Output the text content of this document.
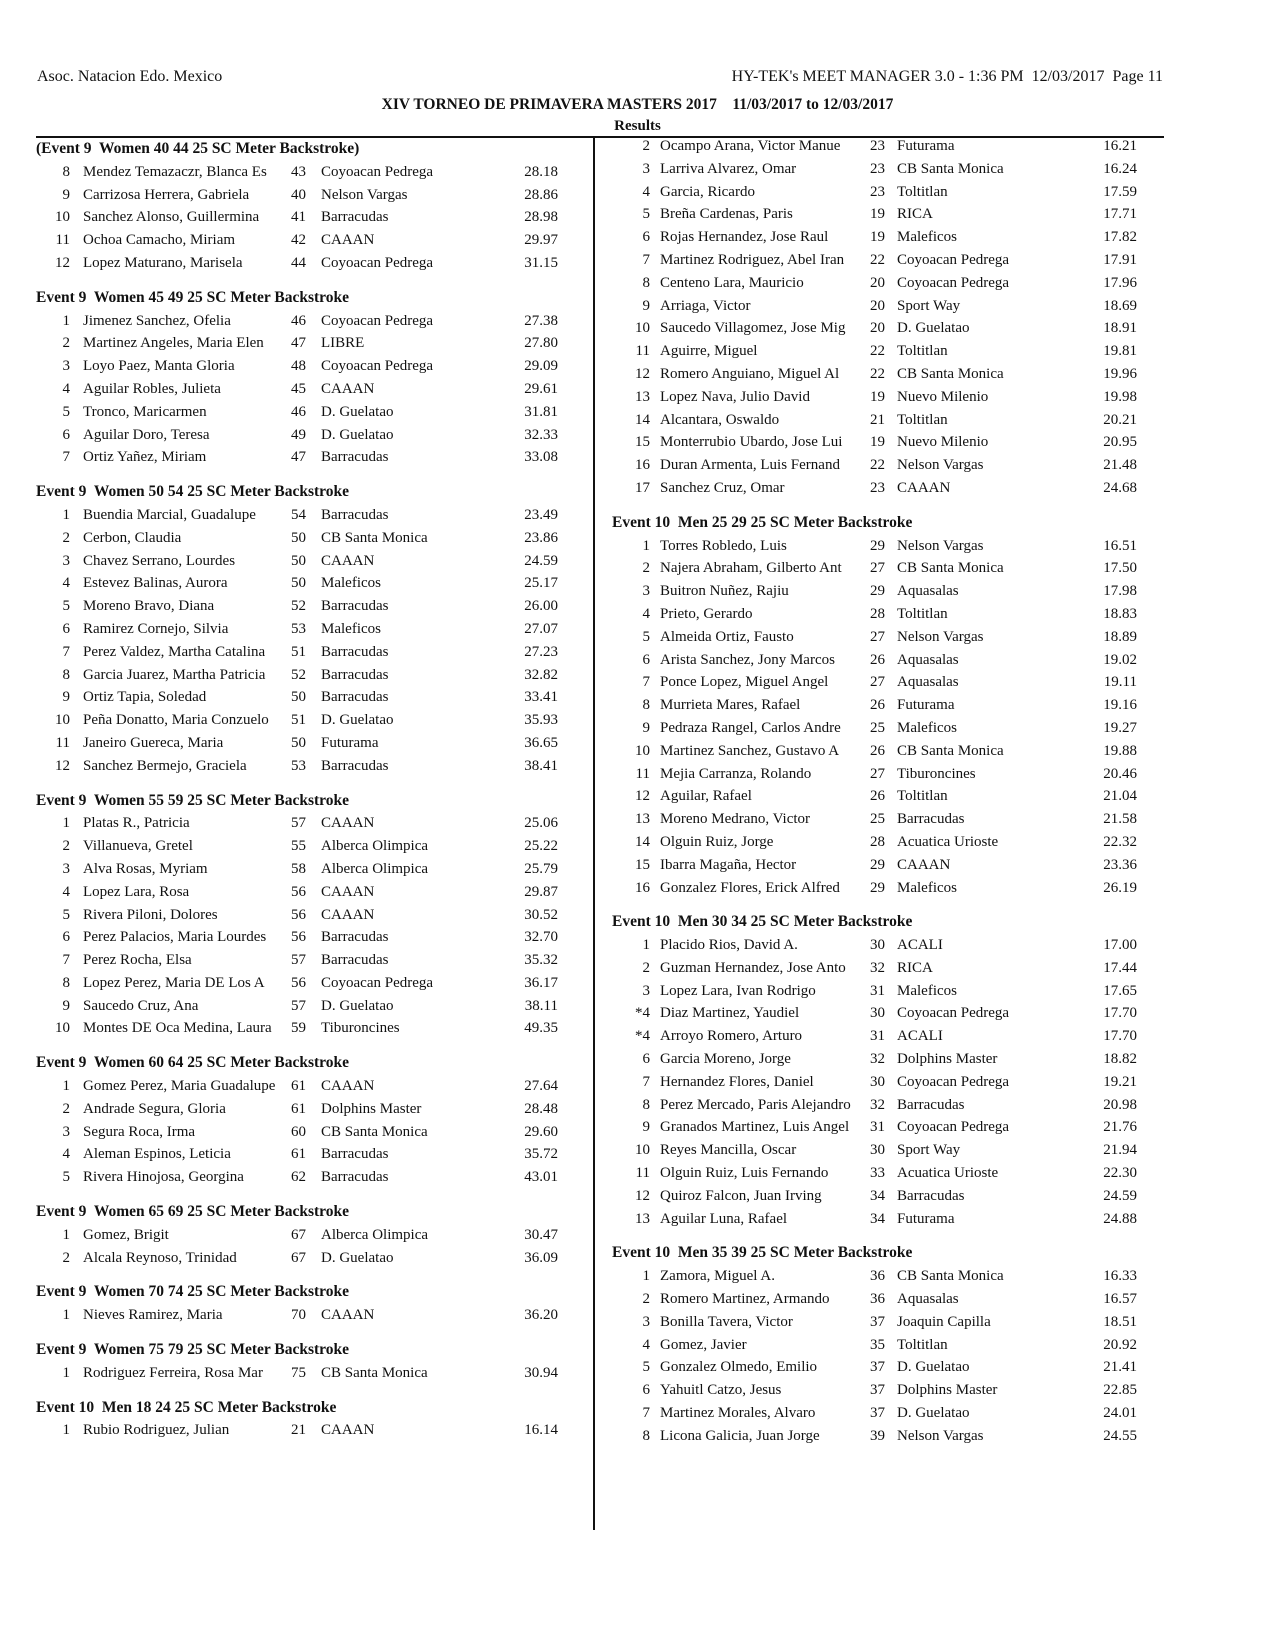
Asoc. Natacion Edo. Mexico	HY-TEK's MEET MANAGER 3.0 - 1:36 PM  12/03/2017  Page 11
XIV TORNEO DE PRIMAVERA MASTERS 2017    11/03/2017 to 12/03/2017
Results
(Event 9  Women 40 44 25 SC Meter Backstroke)
8 Mendez Temazaczr, Blanca Es	43 Coyoacan Pedrega	28.18
9 Carrizosa Herrera, Gabriela	40 Nelson Vargas	28.86
10 Sanchez Alonso, Guillermina	41 Barracudas	28.98
11 Ochoa Camacho, Miriam	42 CAAAN	29.97
12 Lopez Maturano, Marisela	44 Coyoacan Pedrega	31.15
Event 9  Women 45 49 25 SC Meter Backstroke
1 Jimenez Sanchez, Ofelia	46 Coyoacan Pedrega	27.38
2 Martinez Angeles, Maria Elen	47 LIBRE	27.80
3 Loyo Paez, Manta Gloria	48 Coyoacan Pedrega	29.09
4 Aguilar Robles, Julieta	45 CAAAN	29.61
5 Tronco, Maricarmen	46 D. Guelatao	31.81
6 Aguilar Doro, Teresa	49 D. Guelatao	32.33
7 Ortiz Yañez, Miriam	47 Barracudas	33.08
Event 9  Women 50 54 25 SC Meter Backstroke
1 Buendia Marcial, Guadalupe	54 Barracudas	23.49
2 Cerbon, Claudia	50 CB Santa Monica	23.86
3 Chavez Serrano, Lourdes	50 CAAAN	24.59
4 Estevez Balinas, Aurora	50 Maleficos	25.17
5 Moreno Bravo, Diana	52 Barracudas	26.00
6 Ramirez Cornejo, Silvia	53 Maleficos	27.07
7 Perez Valdez, Martha Catalina	51 Barracudas	27.23
8 Garcia Juarez, Martha Patricia	52 Barracudas	32.82
9 Ortiz Tapia, Soledad	50 Barracudas	33.41
10 Peña Donatto, Maria Conzuelo	51 D. Guelatao	35.93
11 Janeiro Guereca, Maria	50 Futurama	36.65
12 Sanchez Bermejo, Graciela	53 Barracudas	38.41
Event 9  Women 55 59 25 SC Meter Backstroke
1 Platas R., Patricia	57 CAAAN	25.06
2 Villanueva, Gretel	55 Alberca Olimpica	25.22
3 Alva Rosas, Myriam	58 Alberca Olimpica	25.79
4 Lopez Lara, Rosa	56 CAAAN	29.87
5 Rivera Piloni, Dolores	56 CAAAN	30.52
6 Perez Palacios, Maria Lourdes	56 Barracudas	32.70
7 Perez Rocha, Elsa	57 Barracudas	35.32
8 Lopez Perez, Maria DE Los A	56 Coyoacan Pedrega	36.17
9 Saucedo Cruz, Ana	57 D. Guelatao	38.11
10 Montes DE Oca Medina, Laura	59 Tiburoncines	49.35
Event 9  Women 60 64 25 SC Meter Backstroke
1 Gomez Perez, Maria Guadalupe 61 CAAAN	27.64
2 Andrade Segura, Gloria	61 Dolphins Master	28.48
3 Segura Roca, Irma	60 CB Santa Monica	29.60
4 Aleman Espinos, Leticia	61 Barracudas	35.72
5 Rivera Hinojosa, Georgina	62 Barracudas	43.01
Event 9  Women 65 69 25 SC Meter Backstroke
1 Gomez, Brigit	67 Alberca Olimpica	30.47
2 Alcala Reynoso, Trinidad	67 D. Guelatao	36.09
Event 9  Women 70 74 25 SC Meter Backstroke
1 Nieves Ramirez, Maria	70 CAAAN	36.20
Event 9  Women 75 79 25 SC Meter Backstroke
1 Rodriguez Ferreira, Rosa Mar	75 CB Santa Monica	30.94
Event 10  Men 18 24 25 SC Meter Backstroke
1 Rubio Rodriguez, Julian	21 CAAAN	16.14
2 Ocampo Arana, Victor Manue	23 Futurama	16.21
3 Larriva Alvarez, Omar	23 CB Santa Monica	16.24
4 Garcia, Ricardo	23 Toltitlan	17.59
5 Breña Cardenas, Paris	19 RICA	17.71
6 Rojas Hernandez, Jose Raul	19 Maleficos	17.82
7 Martinez Rodriguez, Abel Iran	22 Coyoacan Pedrega	17.91
8 Centeno Lara, Mauricio	20 Coyoacan Pedrega	17.96
9 Arriaga, Victor	20 Sport Way	18.69
10 Saucedo Villagomez, Jose Mig	20 D. Guelatao	18.91
11 Aguirre, Miguel	22 Toltitlan	19.81
12 Romero Anguiano, Miguel Al	22 CB Santa Monica	19.96
13 Lopez Nava, Julio David	19 Nuevo Milenio	19.98
14 Alcantara, Oswaldo	21 Toltitlan	20.21
15 Monterrubio Ubardo, Jose Lui	19 Nuevo Milenio	20.95
16 Duran Armenta, Luis Fernand	22 Nelson Vargas	21.48
17 Sanchez Cruz, Omar	23 CAAAN	24.68
Event 10  Men 25 29 25 SC Meter Backstroke
1 Torres Robledo, Luis	29 Nelson Vargas	16.51
2 Najera Abraham, Gilberto Ant	27 CB Santa Monica	17.50
3 Buitron Nuñez, Rajiu	29 Aquasalas	17.98
4 Prieto, Gerardo	28 Toltitlan	18.83
5 Almeida Ortiz, Fausto	27 Nelson Vargas	18.89
6 Arista Sanchez, Jony Marcos	26 Aquasalas	19.02
7 Ponce Lopez, Miguel Angel	27 Aquasalas	19.11
8 Murrieta Mares, Rafael	26 Futurama	19.16
9 Pedraza Rangel, Carlos Andre	25 Maleficos	19.27
10 Martinez Sanchez, Gustavo A	26 CB Santa Monica	19.88
11 Mejia Carranza, Rolando	27 Tiburoncines	20.46
12 Aguilar, Rafael	26 Toltitlan	21.04
13 Moreno Medrano, Victor	25 Barracudas	21.58
14 Olguin Ruiz, Jorge	28 Acuatica Urioste	22.32
15 Ibarra Magaña, Hector	29 CAAAN	23.36
16 Gonzalez Flores, Erick Alfred	29 Maleficos	26.19
Event 10  Men 30 34 25 SC Meter Backstroke
1 Placido Rios, David A.	30 ACALI	17.00
2 Guzman Hernandez, Jose Anto	32 RICA	17.44
3 Lopez Lara, Ivan Rodrigo	31 Maleficos	17.65
*4 Diaz Martinez, Yaudiel	30 Coyoacan Pedrega	17.70
*4 Arroyo Romero, Arturo	31 ACALI	17.70
6 Garcia Moreno, Jorge	32 Dolphins Master	18.82
7 Hernandez Flores, Daniel	30 Coyoacan Pedrega	19.21
8 Perez Mercado, Paris Alejandro 32 Barracudas	20.98
9 Granados Martinez, Luis Angel 31 Coyoacan Pedrega	21.76
10 Reyes Mancilla, Oscar	30 Sport Way	21.94
11 Olguin Ruiz, Luis Fernando	33 Acuatica Urioste	22.30
12 Quiroz Falcon, Juan Irving	34 Barracudas	24.59
13 Aguilar Luna, Rafael	34 Futurama	24.88
Event 10  Men 35 39 25 SC Meter Backstroke
1 Zamora, Miguel A.	36 CB Santa Monica	16.33
2 Romero Martinez, Armando	36 Aquasalas	16.57
3 Bonilla Tavera, Victor	37 Joaquin Capilla	18.51
4 Gomez, Javier	35 Toltitlan	20.92
5 Gonzalez Olmedo, Emilio	37 D. Guelatao	21.41
6 Yahuitl Catzo, Jesus	37 Dolphins Master	22.85
7 Martinez Morales, Alvaro	37 D. Guelatao	24.01
8 Licona Galicia, Juan Jorge	39 Nelson Vargas	24.55
